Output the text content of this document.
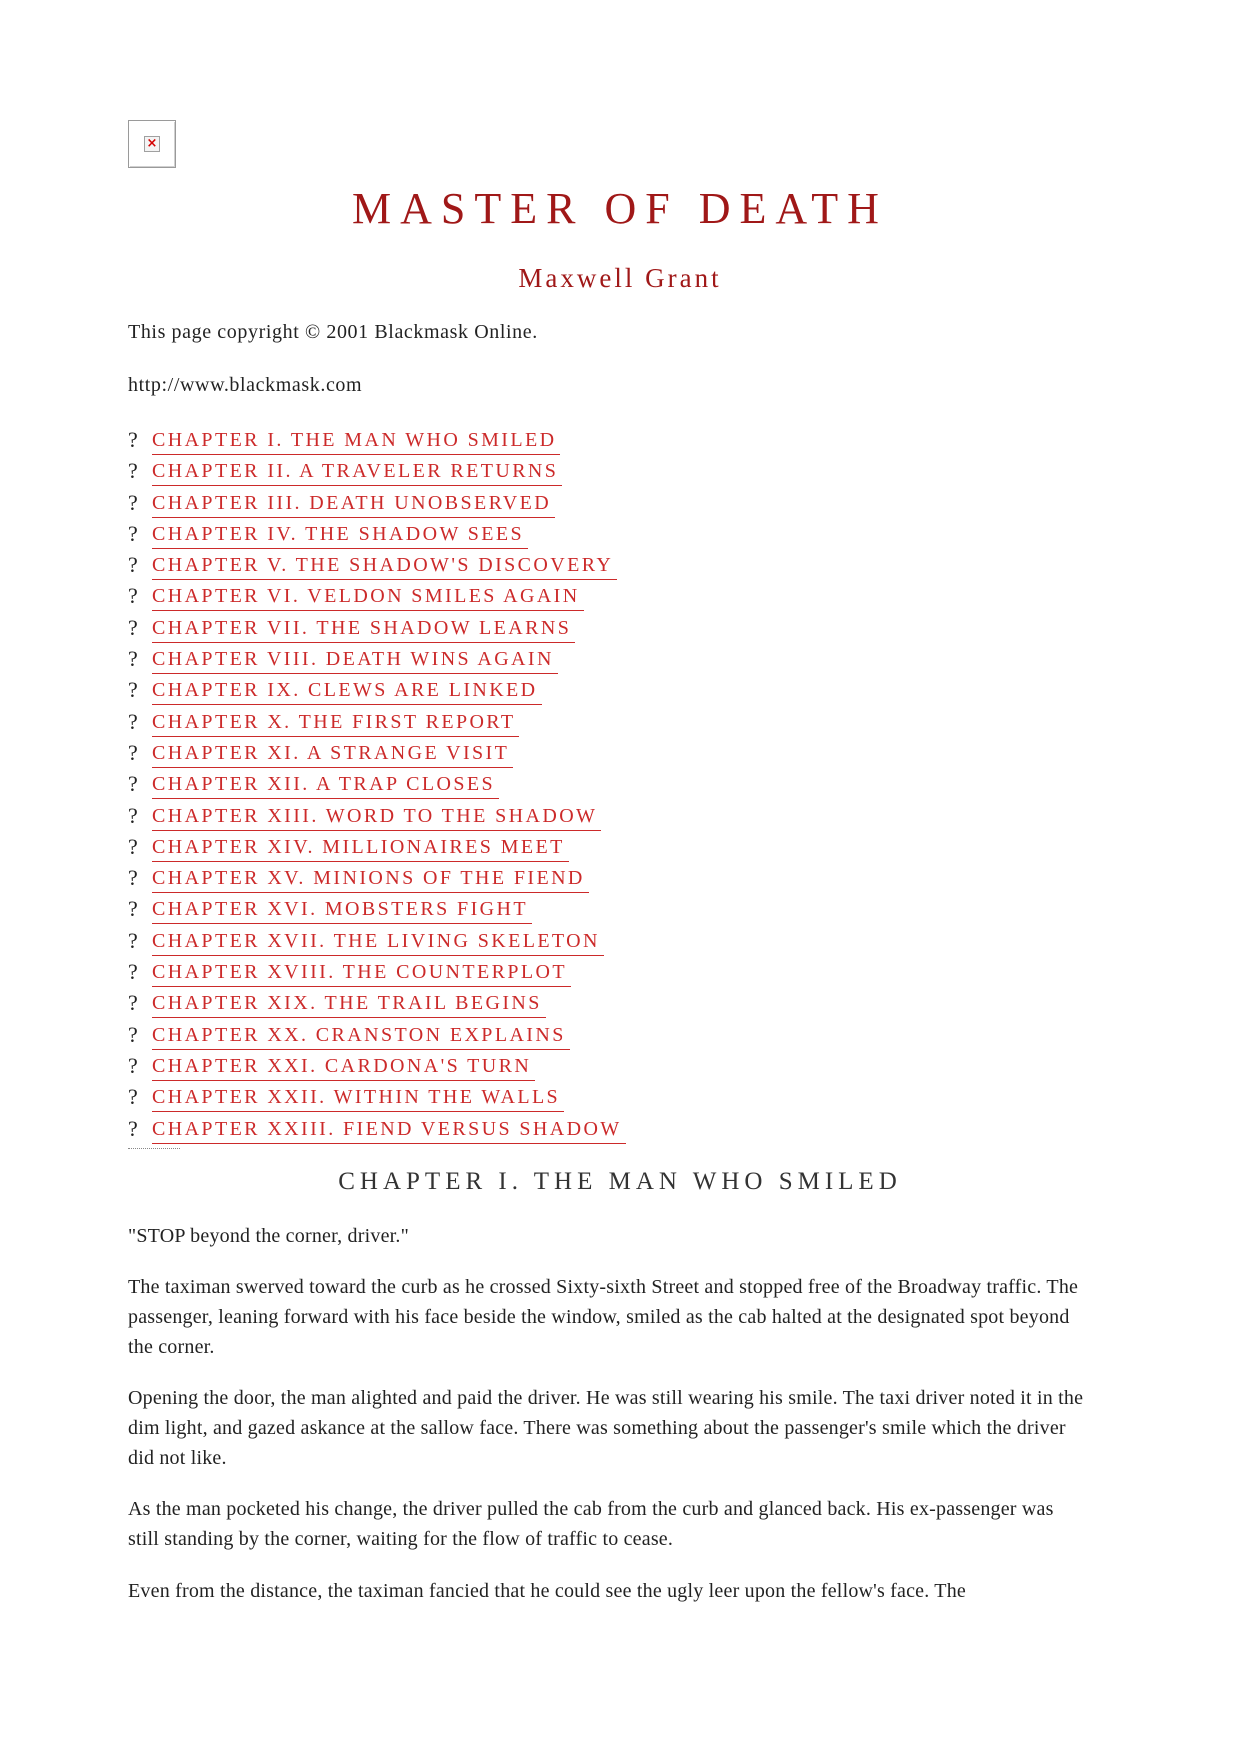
×
MASTER OF DEATH
Maxwell Grant
This page copyright © 2001 Blackmask Online.
http://www.blackmask.com
? CHAPTER I. THE MAN WHO SMILED
? CHAPTER II. A TRAVELER RETURNS
? CHAPTER III. DEATH UNOBSERVED
? CHAPTER IV. THE SHADOW SEES
? CHAPTER V. THE SHADOW'S DISCOVERY
? CHAPTER VI. VELDON SMILES AGAIN
? CHAPTER VII. THE SHADOW LEARNS
? CHAPTER VIII. DEATH WINS AGAIN
? CHAPTER IX. CLEWS ARE LINKED
? CHAPTER X. THE FIRST REPORT
? CHAPTER XI. A STRANGE VISIT
? CHAPTER XII. A TRAP CLOSES
? CHAPTER XIII. WORD TO THE SHADOW
? CHAPTER XIV. MILLIONAIRES MEET
? CHAPTER XV. MINIONS OF THE FIEND
? CHAPTER XVI. MOBSTERS FIGHT
? CHAPTER XVII. THE LIVING SKELETON
? CHAPTER XVIII. THE COUNTERPLOT
? CHAPTER XIX. THE TRAIL BEGINS
? CHAPTER XX. CRANSTON EXPLAINS
? CHAPTER XXI. CARDONA'S TURN
? CHAPTER XXII. WITHIN THE WALLS
? CHAPTER XXIII. FIEND VERSUS SHADOW
CHAPTER I. THE MAN WHO SMILED

"STOP beyond the corner, driver."

The taximan swerved toward the curb as he crossed Sixty-sixth Street and stopped free of the Broadway traffic. The passenger, leaning forward with his face beside the window, smiled as the cab halted at the designated spot beyond the corner.

Opening the door, the man alighted and paid the driver. He was still wearing his smile. The taxi driver noted it in the dim light, and gazed askance at the sallow face. There was something about the passenger's smile which the driver did not like.

As the man pocketed his change, the driver pulled the cab from the curb and glanced back. His ex-passenger was still standing by the corner, waiting for the flow of traffic to cease.

Even from the distance, the taximan fancied that he could see the ugly leer upon the fellow's face. The
